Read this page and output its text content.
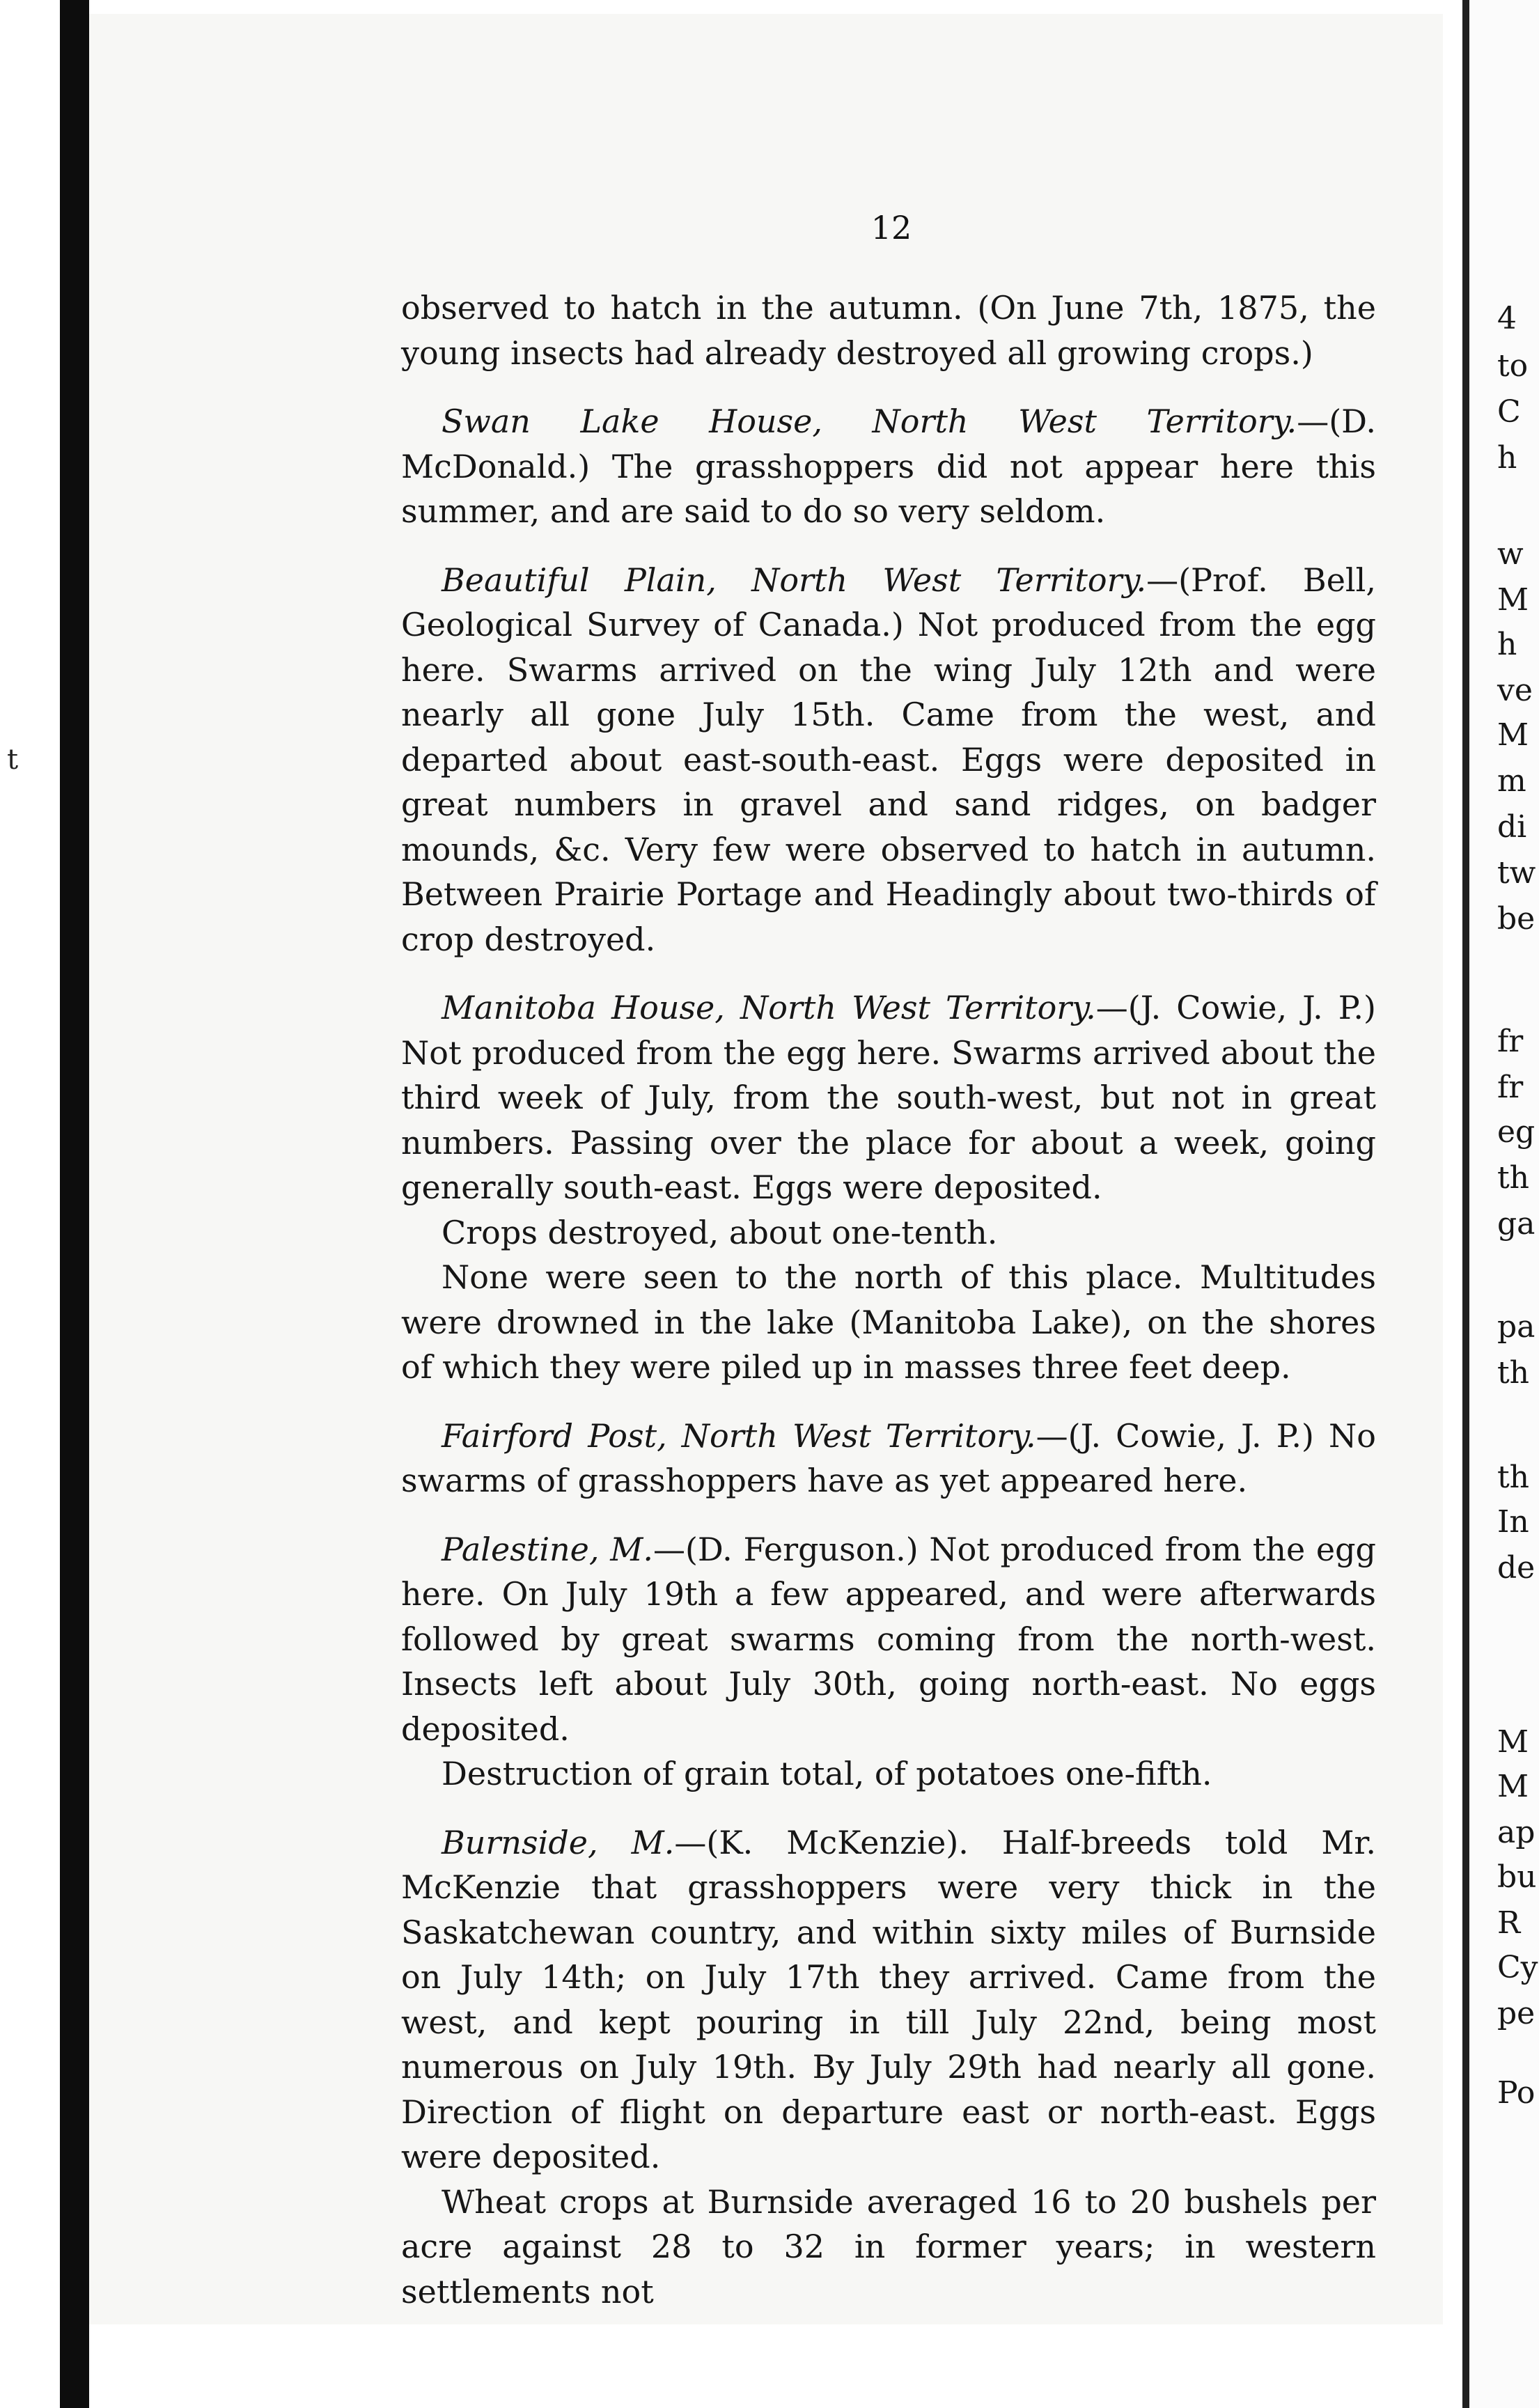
t
12

observed to hatch in the autumn. (On June 7th, 1875, the young insects had already destroyed all growing crops.)

Swan Lake House, North West Territory.—(D. McDonald.) The grasshoppers did not appear here this summer, and are said to do so very seldom.

Beautiful Plain, North West Territory.—(Prof. Bell, Geological Survey of Canada.) Not produced from the egg here. Swarms arrived on the wing July 12th and were nearly all gone July 15th. Came from the west, and departed about east-south-east. Eggs were deposited in great numbers in gravel and sand ridges, on badger mounds, &c. Very few were observed to hatch in autumn. Between Prairie Portage and Headingly about two-thirds of crop destroyed.

Manitoba House, North West Territory.—(J. Cowie, J. P.) Not produced from the egg here. Swarms arrived about the third week of July, from the south-west, but not in great numbers. Passing over the place for about a week, going generally south-east. Eggs were deposited.

Crops destroyed, about one-tenth.

None were seen to the north of this place. Multitudes were drowned in the lake (Manitoba Lake), on the shores of which they were piled up in masses three feet deep.

Fairford Post, North West Territory.—(J. Cowie, J. P.) No swarms of grasshoppers have as yet appeared here.

Palestine, M.—(D. Ferguson.) Not produced from the egg here. On July 19th a few appeared, and were afterwards followed by great swarms coming from the north-west. Insects left about July 30th, going north-east. No eggs deposited.

Destruction of grain total, of potatoes one-fifth.

Burnside, M.—(K. McKenzie). Half-breeds told Mr. McKenzie that grasshoppers were very thick in the Saskatchewan country, and within sixty miles of Burnside on July 14th; on July 17th they arrived. Came from the west, and kept pouring in till July 22nd, being most numerous on July 19th. By July 29th had nearly all gone. Direction of flight on departure east or north-east. Eggs were deposited.

Wheat crops at Burnside averaged 16 to 20 bushels per acre against 28 to 32 in former years; in western settlements not

4
to
C
h
w
M
h
ve
M
m
di
tw
be
fr
fr
eg
th
ga
pa
th
th
In
de
M
M
ap
bu
R
Cy
pe
Po
